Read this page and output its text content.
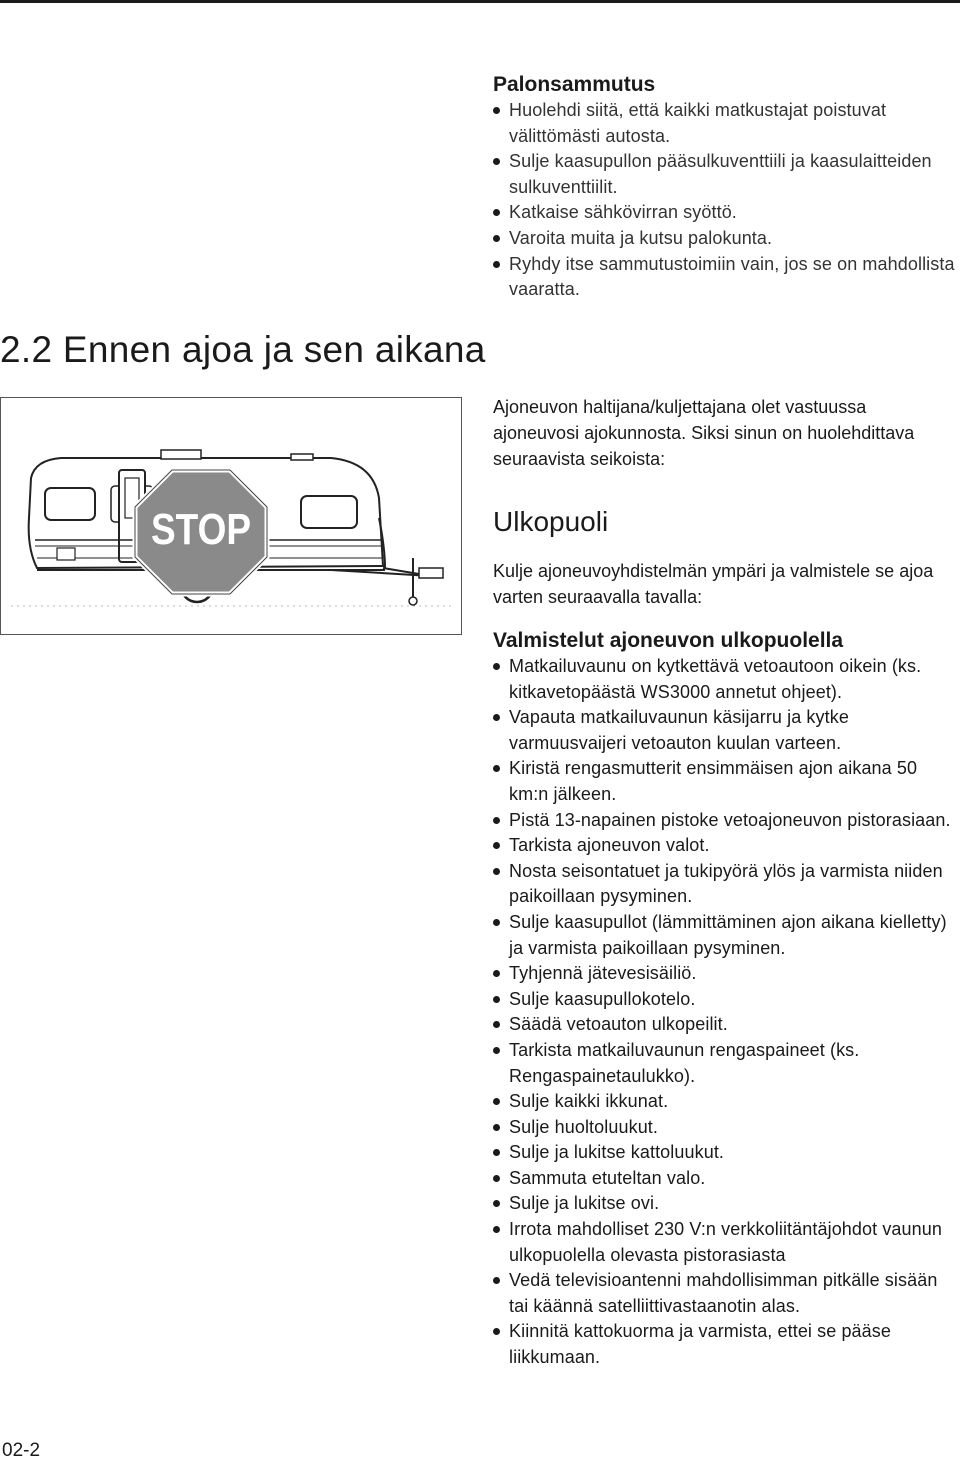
Palonsammutus
Huolehdi siitä, että kaikki matkustajat poistuvat välittömästi autosta.
Sulje kaasupullon pääsulkuventtiili ja kaasulaitteiden sulkuventtiilit.
Katkaise sähkövirran syöttö.
Varoita muita ja kutsu palokunta.
Ryhdy itse sammutustoimiin vain, jos se on mahdollista vaaratta.
2.2 Ennen ajoa ja sen aikana
STOP

Ajoneuvon haltijana/kuljettajana olet vastuussa ajoneuvosi ajokunnosta. Siksi sinun on huolehdittava seuraavista seikoista:

Ulkopuoli

Kulje ajoneuvoyhdistelmän ympäri ja valmistele se ajoa varten seuraavalla tavalla:

Valmistelut ajoneuvon ulkopuolella
Matkailuvaunu on kytkettävä vetoautoon oikein (ks. kitkavetopäästä WS3000 annetut ohjeet).
Vapauta matkailuvaunun käsijarru ja kytke varmuusvaijeri vetoauton kuulan varteen.
Kiristä rengasmutterit ensimmäisen ajon aikana 50 km:n jälkeen.
Pistä 13-napainen pistoke vetoajoneuvon pistorasiaan.
Tarkista ajoneuvon valot.
Nosta seisontatuet ja tukipyörä ylös ja varmista niiden paikoillaan pysyminen.
Sulje kaasupullot (lämmittäminen ajon aikana kielletty) ja varmista paikoillaan pysyminen.
Tyhjennä jätevesisäiliö.
Sulje kaasupullokotelo.
Säädä vetoauton ulkopeilit.
Tarkista matkailuvaunun rengaspaineet (ks. Rengaspainetaulukko).
Sulje kaikki ikkunat.
Sulje huoltoluukut.
Sulje ja lukitse kattoluukut.
Sammuta etuteltan valo.
Sulje ja lukitse ovi.
Irrota mahdolliset 230 V:n verkkoliitäntäjohdot vaunun ulkopuolella olevasta pistorasiasta
Vedä televisioantenni mahdollisimman pitkälle sisään tai käännä satelliittivastaanotin alas.
Kiinnitä kattokuorma ja varmista, ettei se pääse liikkumaan.
02-2
